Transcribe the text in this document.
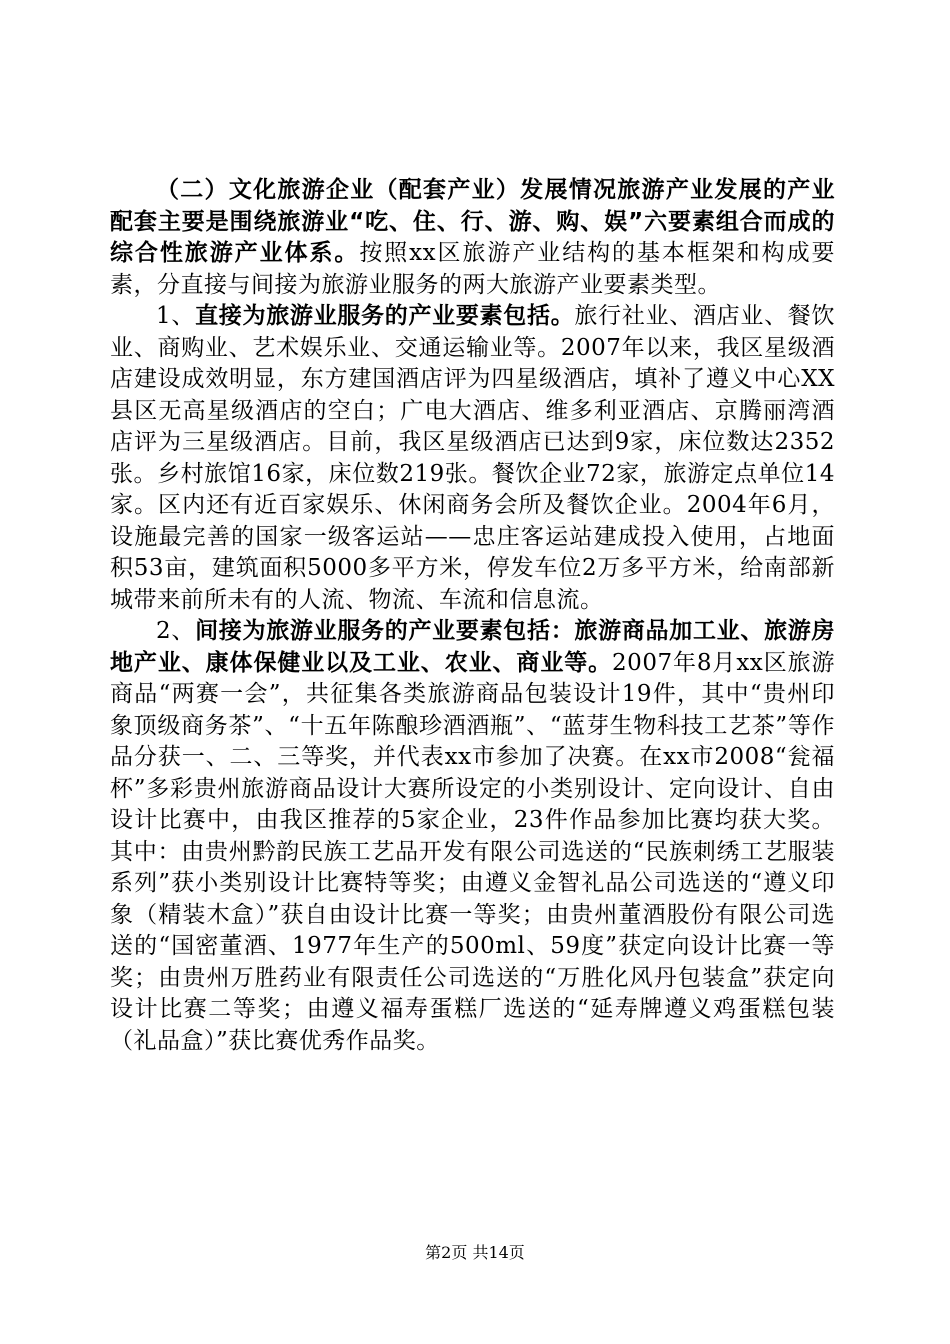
（二）文化旅游企业（配套产业）发展情况旅游产业发展的产业配套主要是围绕旅游业“吃、住、行、游、购、娱”六要素组合而成的综合性旅游产业体系。按照xx区旅游产业结构的基本框架和构成要素，分直接与间接为旅游业服务的两大旅游产业要素类型。

1、直接为旅游业服务的产业要素包括。旅行社业、酒店业、餐饮业、商购业、艺术娱乐业、交通运输业等。2007年以来，我区星级酒店建设成效明显，东方建国酒店评为四星级酒店，填补了遵义中心XX县区无高星级酒店的空白；广电大酒店、维多利亚酒店、京腾丽湾酒店评为三星级酒店。目前，我区星级酒店已达到9家，床位数达2352张。乡村旅馆16家，床位数219张。餐饮企业72家，旅游定点单位14家。区内还有近百家娱乐、休闲商务会所及餐饮企业。2004年6月，设施最完善的国家一级客运站——忠庄客运站建成投入使用，占地面积53亩，建筑面积5000多平方米，停发车位2万多平方米，给南部新城带来前所未有的人流、物流、车流和信息流。

2、间接为旅游业服务的产业要素包括：旅游商品加工业、旅游房地产业、康体保健业以及工业、农业、商业等。2007年8月xx区旅游商品“两赛一会”，共征集各类旅游商品包装设计19件，其中“贵州印象顶级商务茶”、“十五年陈酿珍酒酒瓶”、“蓝芽生物科技工艺茶”等作品分获一、二、三等奖，并代表xx市参加了决赛。在xx市2008“瓮福杯”多彩贵州旅游商品设计大赛所设定的小类别设计、定向设计、自由设计比赛中，由我区推荐的5家企业，23件作品参加比赛均获大奖。其中：由贵州黔韵民族工艺品开发有限公司选送的“民族刺绣工艺服装系列”获小类别设计比赛特等奖；由遵义金智礼品公司选送的“遵义印象（精装木盒）”获自由设计比赛一等奖；由贵州董酒股份有限公司选送的“国密董酒、1977年生产的500ml、59度”获定向设计比赛一等奖；由贵州万胜药业有限责任公司选送的“万胜化风丹包装盒”获定向设计比赛二等奖；由遵义福寿蛋糕厂选送的“延寿牌遵义鸡蛋糕包装（礼品盒）”获比赛优秀作品奖。

第2页 共14页
